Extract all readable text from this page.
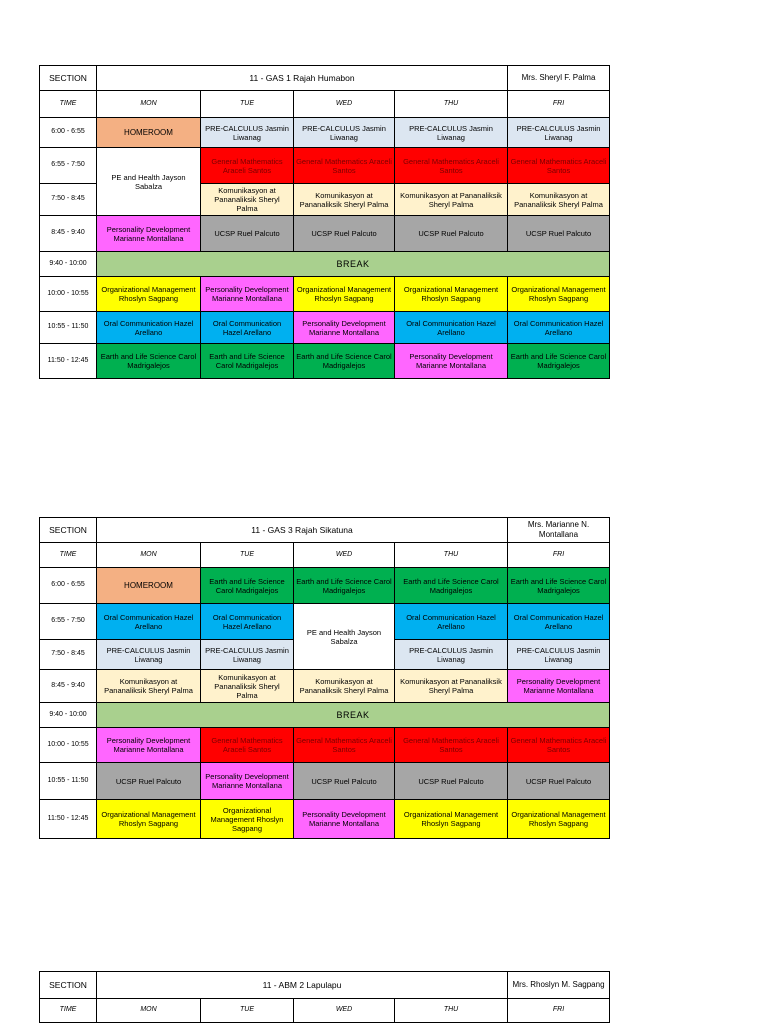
SECTION	11 - GAS 1 Rajah Humabon				Mrs. Sheryl F. Palma
TIME	MON	TUE	WED	THU	FRI
6:00 - 6:55	HOMEROOM	PRE-CALCULUS Jasmin Liwanag	PRE-CALCULUS Jasmin Liwanag	PRE-CALCULUS Jasmin Liwanag	PRE-CALCULUS Jasmin Liwanag
6:55 - 7:50	PE and Health Jayson Sabalza	General Mathematics Araceli Santos	General Mathematics Araceli Santos	General Mathematics Araceli Santos	General Mathematics Araceli Santos
7:50 - 8:45		Komunikasyon at Pananaliksik Sheryl Palma	Komunikasyon at Pananaliksik Sheryl Palma	Komunikasyon at Pananaliksik Sheryl Palma	Komunikasyon at Pananaliksik Sheryl Palma
8:45 - 9:40	Personality Development Marianne Montallana	UCSP Ruel Palcuto	UCSP Ruel Palcuto	UCSP Ruel Palcuto	UCSP Ruel Palcuto
9:40 - 10:00	BREAK				
10:00 - 10:55	Organizational Management Rhoslyn Sagpang	Personality Development Marianne Montallana	Organizational Management Rhoslyn Sagpang	Organizational Management Rhoslyn Sagpang	Organizational Management Rhoslyn Sagpang
10:55 - 11:50	Oral Communication Hazel Arellano	Oral Communication Hazel Arellano	Personality Development Marianne Montallana	Oral Communication Hazel Arellano	Oral Communication Hazel Arellano
11:50 - 12:45	Earth and Life Science Carol Madrigalejos	Earth and Life Science Carol Madrigalejos	Earth and Life Science Carol Madrigalejos	Personality Development Marianne Montallana	Earth and Life Science Carol Madrigalejos
SECTION	11 - GAS 3 Rajah Sikatuna				Mrs. Marianne N. Montallana
TIME	MON	TUE	WED	THU	FRI
6:00 - 6:55	HOMEROOM	Earth and Life Science Carol Madrigalejos	Earth and Life Science Carol Madrigalejos	Earth and Life Science Carol Madrigalejos	Earth and Life Science Carol Madrigalejos
6:55 - 7:50	Oral Communication Hazel Arellano	Oral Communication Hazel Arellano	PE and Health Jayson Sabalza	Oral Communication Hazel Arellano	Oral Communication Hazel Arellano
7:50 - 8:45	PRE-CALCULUS Jasmin Liwanag	PRE-CALCULUS Jasmin Liwanag		PRE-CALCULUS Jasmin Liwanag	PRE-CALCULUS Jasmin Liwanag
8:45 - 9:40	Komunikasyon at Pananaliksik Sheryl Palma	Komunikasyon at Pananaliksik Sheryl Palma	Komunikasyon at Pananaliksik Sheryl Palma	Komunikasyon at Pananaliksik Sheryl Palma	Personality Development Marianne Montallana
9:40 - 10:00	BREAK				
10:00 - 10:55	Personality Development Marianne Montallana	General Mathematics Araceli Santos	General Mathematics Araceli Santos	General Mathematics Araceli Santos	General Mathematics Araceli Santos
10:55 - 11:50	UCSP Ruel Palcuto	Personality Development Marianne Montallana	UCSP Ruel Palcuto	UCSP Ruel Palcuto	UCSP Ruel Palcuto
11:50 - 12:45	Organizational Management Rhoslyn Sagpang	Organizational Management Rhoslyn Sagpang	Personality Development Marianne Montallana	Organizational Management Rhoslyn Sagpang	Organizational Management Rhoslyn Sagpang
SECTION	11 - ABM 2 Lapulapu				Mrs. Rhoslyn M. Sagpang
TIME	MON	TUE	WED	THU	FRI
